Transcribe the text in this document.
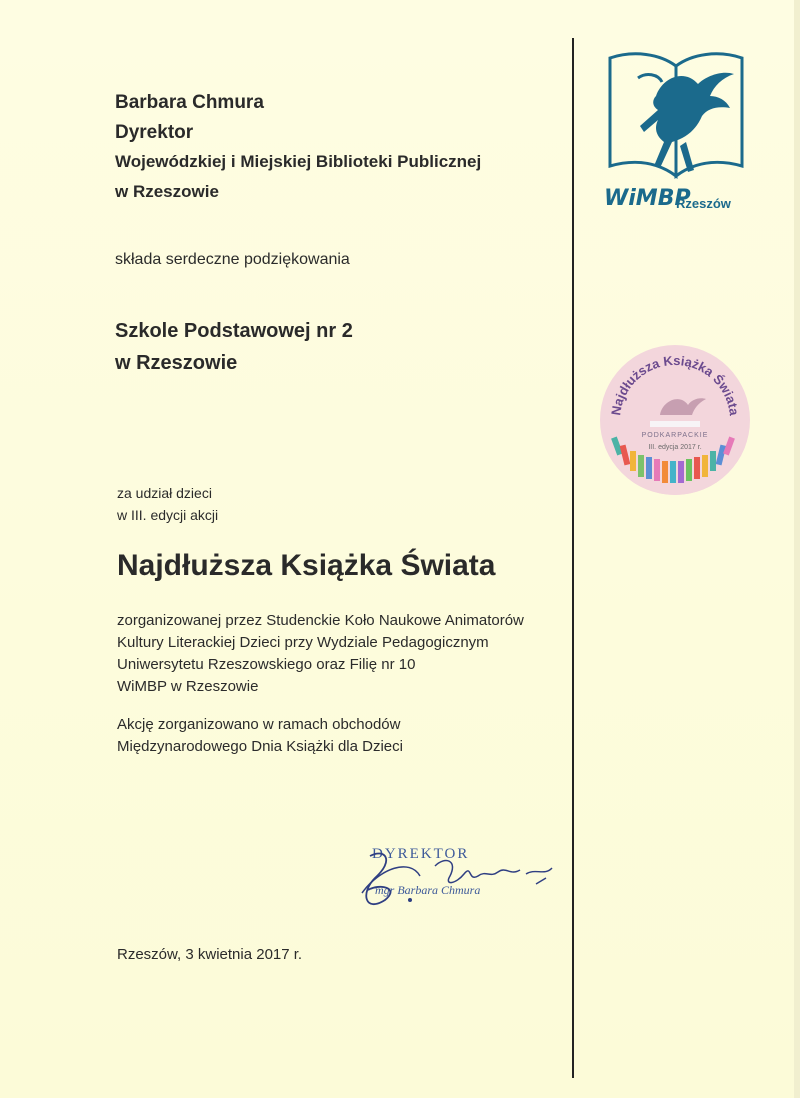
Barbara Chmura
Dyrektor
Wojewódzkiej i Miejskiej Biblioteki Publicznej
w Rzeszowie
składa serdeczne podziękowania
Szkole Podstawowej nr 2
w Rzeszowie
za udział dzieci
w III. edycji akcji
Najdłuższa Książka Świata
zorganizowanej przez Studenckie Koło Naukowe Animatorów
Kultury Literackiej Dzieci przy Wydziale Pedagogicznym
Uniwersytetu Rzeszowskiego oraz Filię nr 10
WiMBP w Rzeszowie
Akcję zorganizowano w ramach obchodów
Międzynarodowego Dnia Książki dla Dzieci
DYREKTOR
mgr Barbara Chmura
Rzeszów, 3 kwietnia 2017 r.
WiMBP
Rzeszów
Najdłuższa Książka Świata
PODKARPACKIE
III. edycja 2017 r.
